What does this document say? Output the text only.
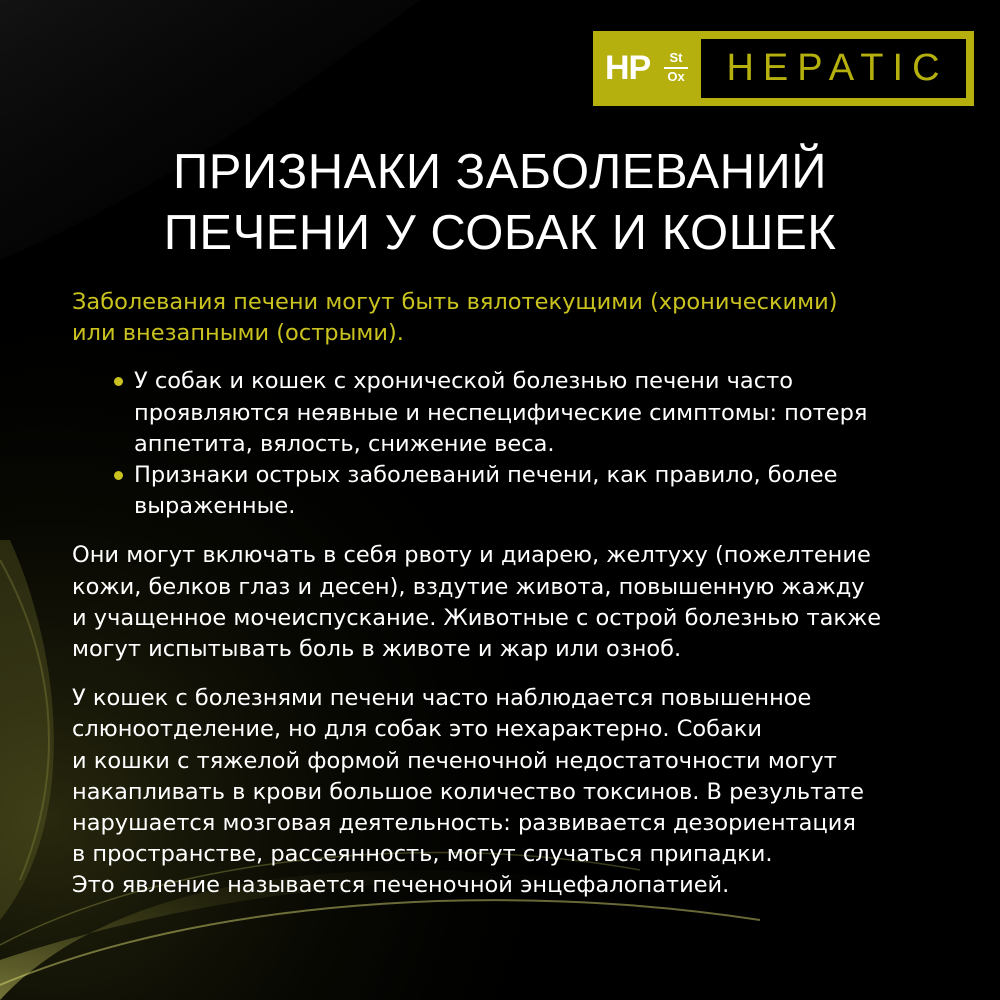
HP	St
Ox	HEPATIC
ПРИЗНАКИ ЗАБОЛЕВАНИЙ
ПЕЧЕНИ У СОБАК И КОШЕК
Заболевания печени могут быть вялотекущими (хроническими)
или внезапными (острыми).
У собак и кошек с хронической болезнью печени часто
проявляются неявные и неспецифические симптомы: потеря
аппетита, вялость, снижение веса.
Признаки острых заболеваний печени, как правило, более
выраженные.
Они могут включать в себя рвоту и диарею, желтуху (пожелтение
кожи, белков глаз и десен), вздутие живота, повышенную жажду
и учащенное мочеиспускание. Животные с острой болезнью также
могут испытывать боль в животе и жар или озноб.
У кошек с болезнями печени часто наблюдается повышенное
слюноотделение, но для собак это нехарактерно. Собаки
и кошки с тяжелой формой печеночной недостаточности могут
накапливать в крови большое количество токсинов. В результате
нарушается мозговая деятельность: развивается дезориентация
в пространстве, рассеянность, могут случаться припадки.
Это явление называется печеночной энцефалопатией.
